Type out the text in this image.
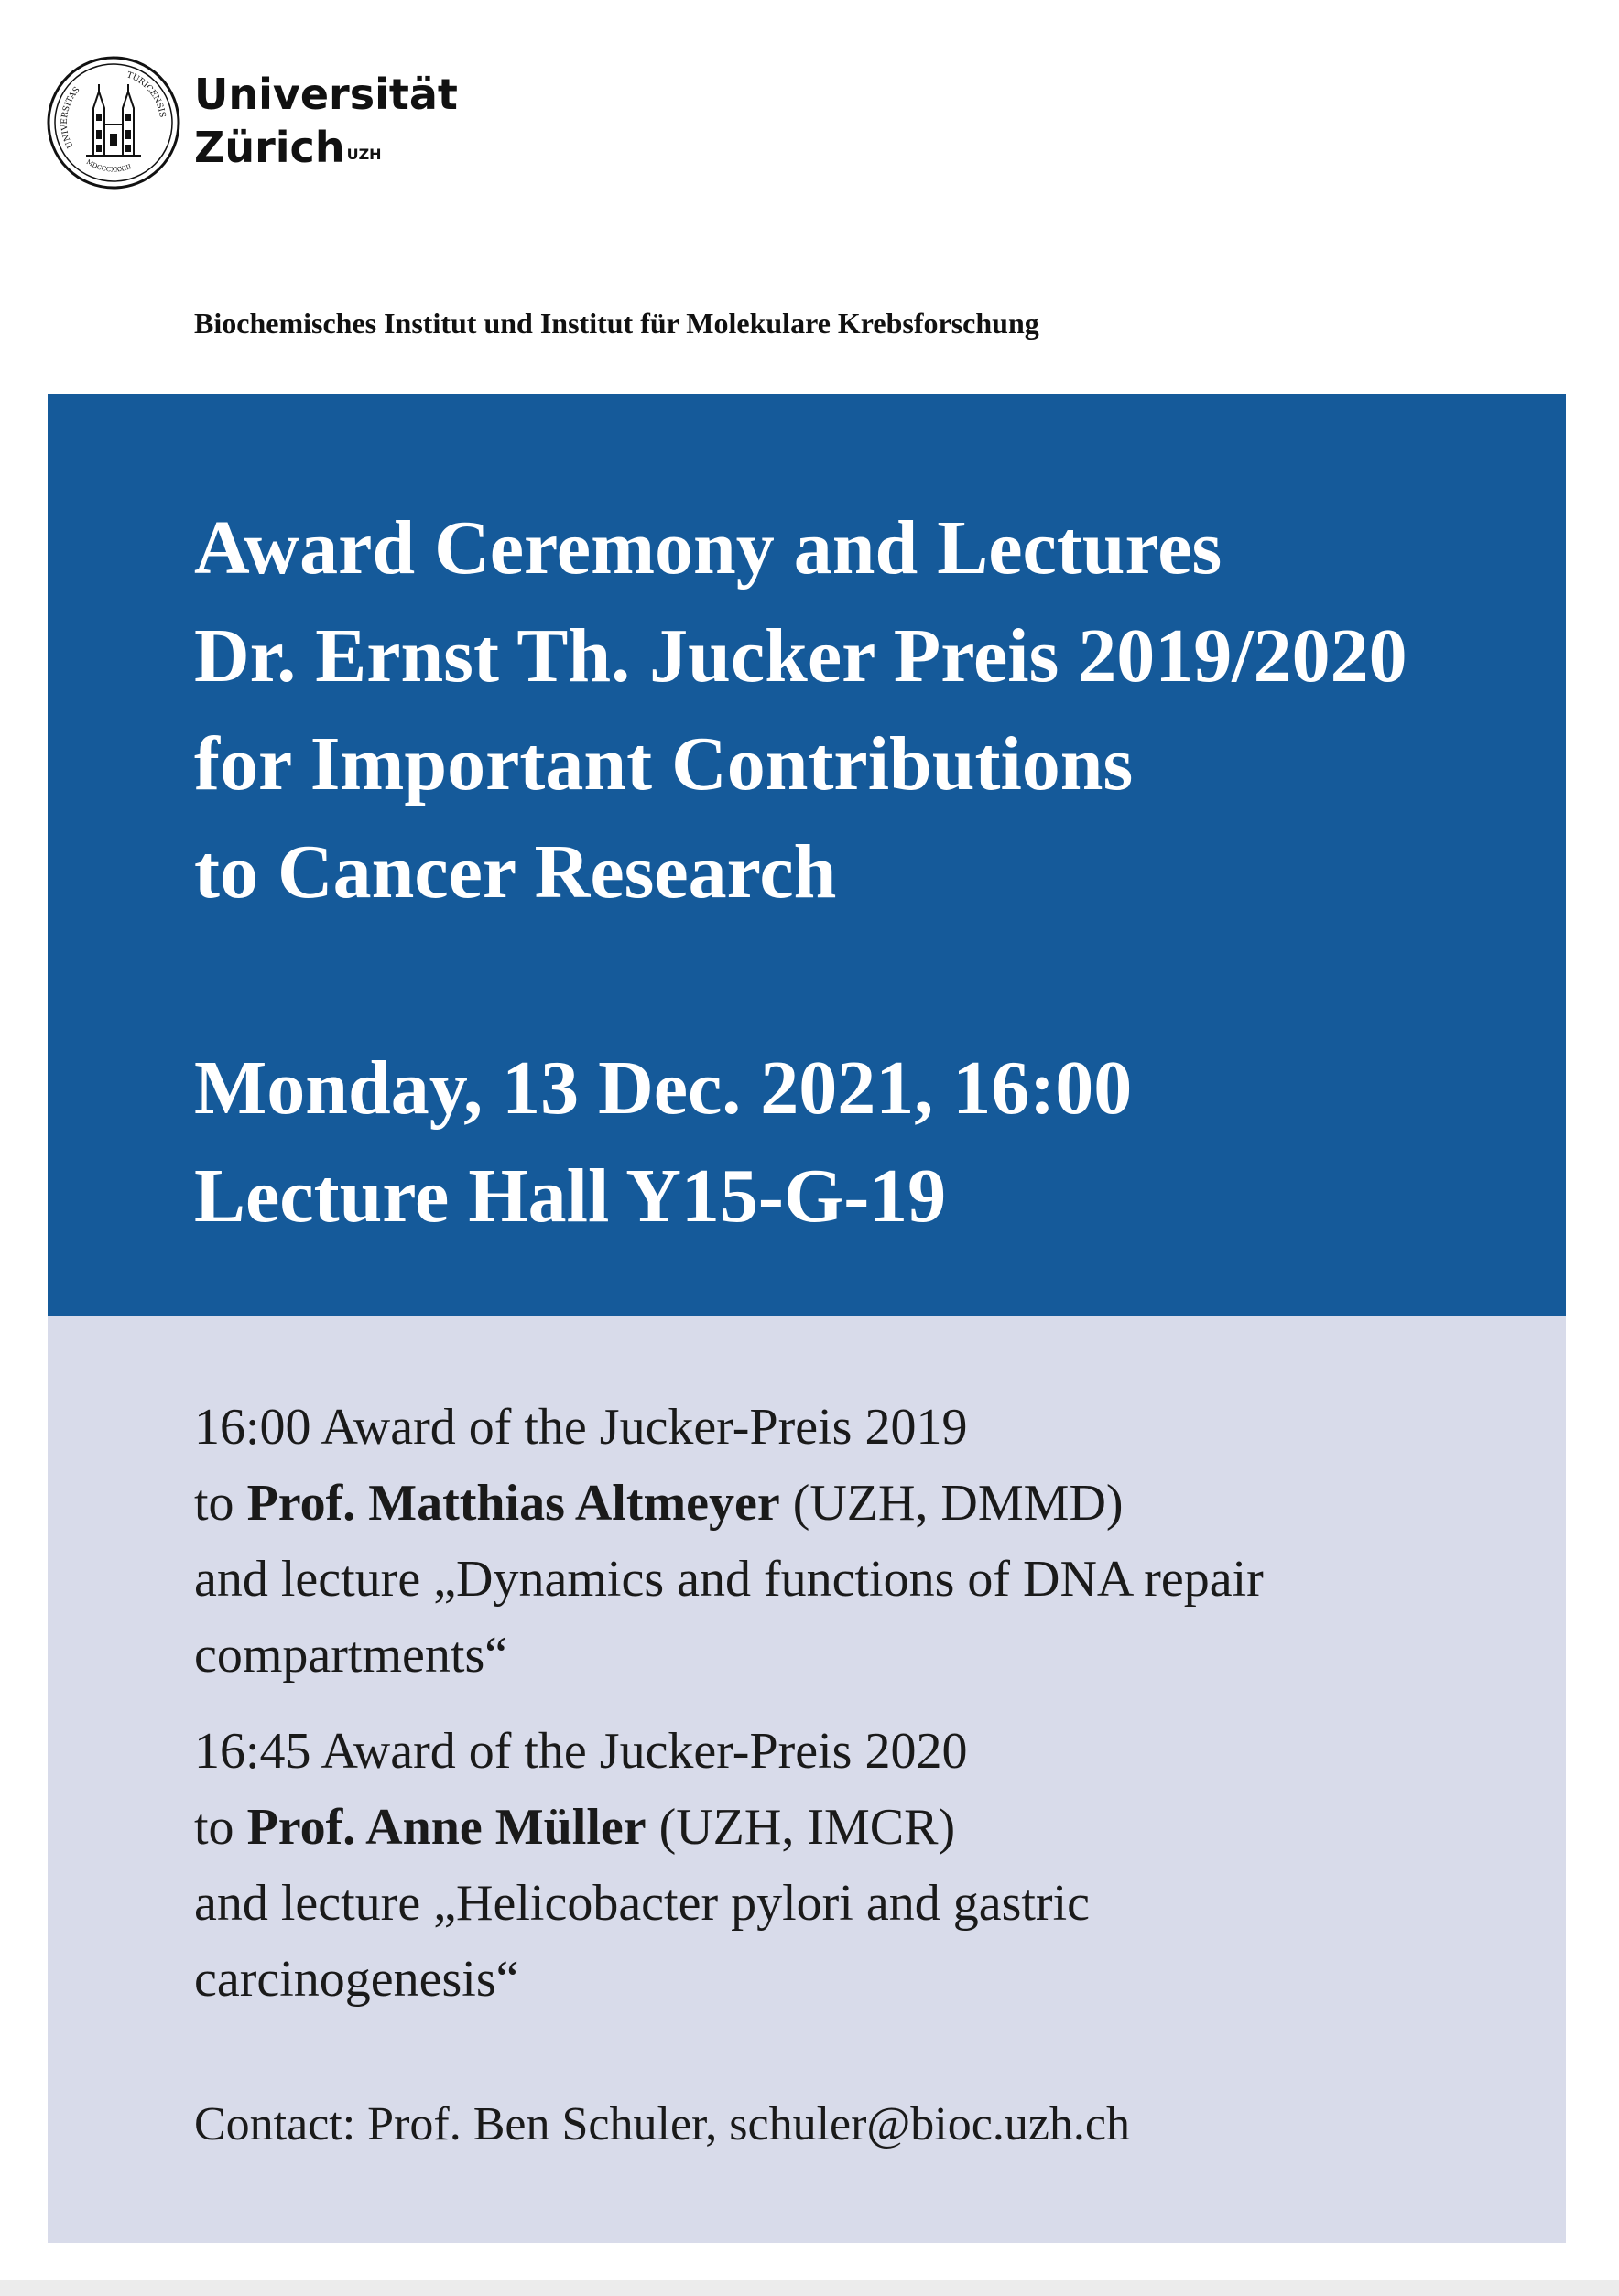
UNIVERSITAS
TURICENSIS
MDCCCXXXIII
Universität
Zürich $^{UZH}$
Biochemisches Institut und Institut für Molekulare Krebsforschung
Award Ceremony and Lectures
Dr. Ernst Th. Jucker Preis 2019/2020
for Important Contributions
to Cancer Research
Monday, 13 Dec. 2021, 16:00
Lecture Hall Y15-G-19
16:00 Award of the Jucker-Preis 2019
to Prof. Matthias Altmeyer (UZH, DMMD)
and lecture „Dynamics and functions of DNA repair
compartments“
16:45 Award of the Jucker-Preis 2020
to Prof. Anne Müller (UZH, IMCR)
and lecture „Helicobacter pylori and gastric
carcinogenesis“
Contact: Prof. Ben Schuler, schuler@bioc.uzh.ch
